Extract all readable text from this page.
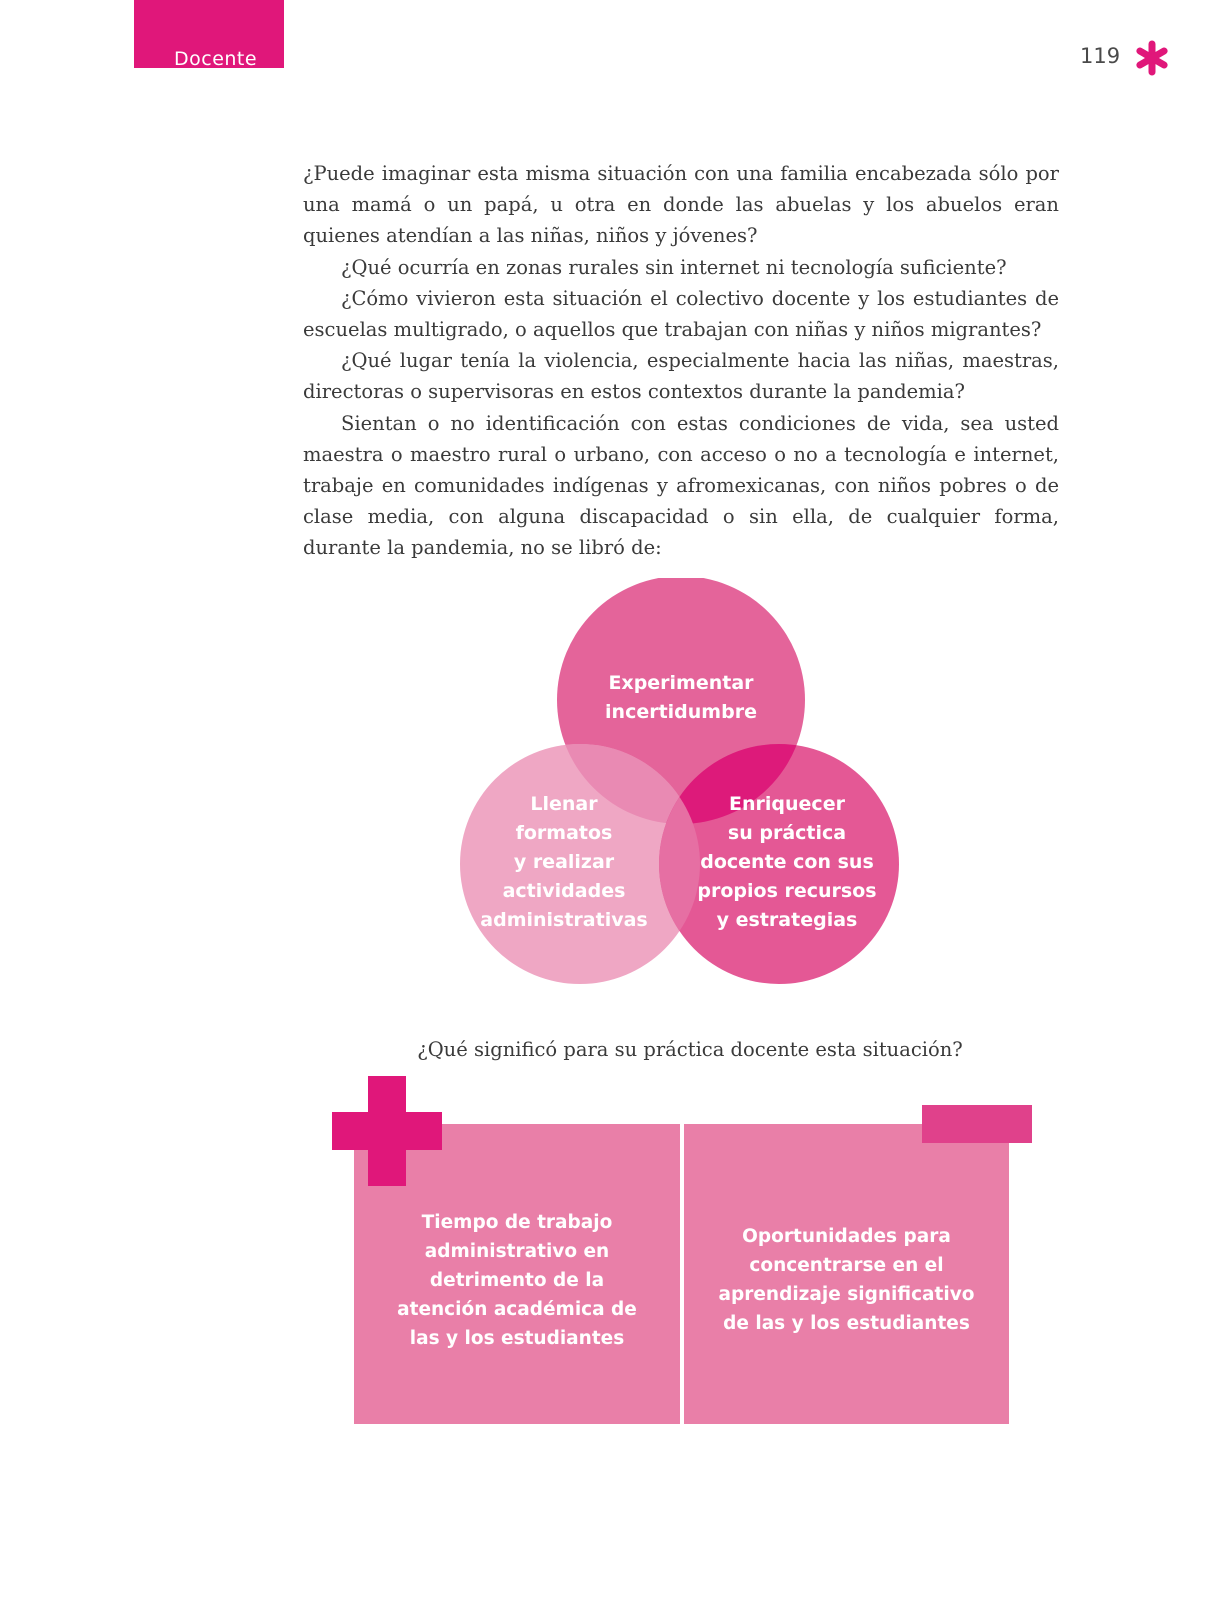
Docente	119

¿Puede imaginar esta misma situación con una familia encabezada sólo por una mamá o un papá, u otra en donde las abuelas y los abuelos eran quienes atendían a las niñas, niños y jóvenes?

¿Qué ocurría en zonas rurales sin internet ni tecnología suficiente?

¿Cómo vivieron esta situación el colectivo docente y los estudiantes de escuelas multigrado, o aquellos que trabajan con niñas y niños migrantes?

¿Qué lugar tenía la violencia, especialmente hacia las niñas, maestras, directoras o supervisoras en estos contextos durante la pandemia?

Sientan o no identificación con estas condiciones de vida, sea usted maestra o maestro rural o urbano, con acceso o no a tecnología e internet, trabaje en comunidades indígenas y afromexicanas, con niños pobres o de clase media, con alguna discapacidad o sin ella, de cualquier forma, durante la pandemia, no se libró de:

Experimentar
incertidumbre
Llenar
formatos
y realizar
actividades
administrativas
Enriquecer
su práctica
docente con sus
propios recursos
y estrategias
¿Qué significó para su práctica docente esta situación?
Tiempo de trabajo
administrativo en
detrimento de la
atención académica de
las y los estudiantes
Oportunidades para
concentrarse en el
aprendizaje significativo
de las y los estudiantes
